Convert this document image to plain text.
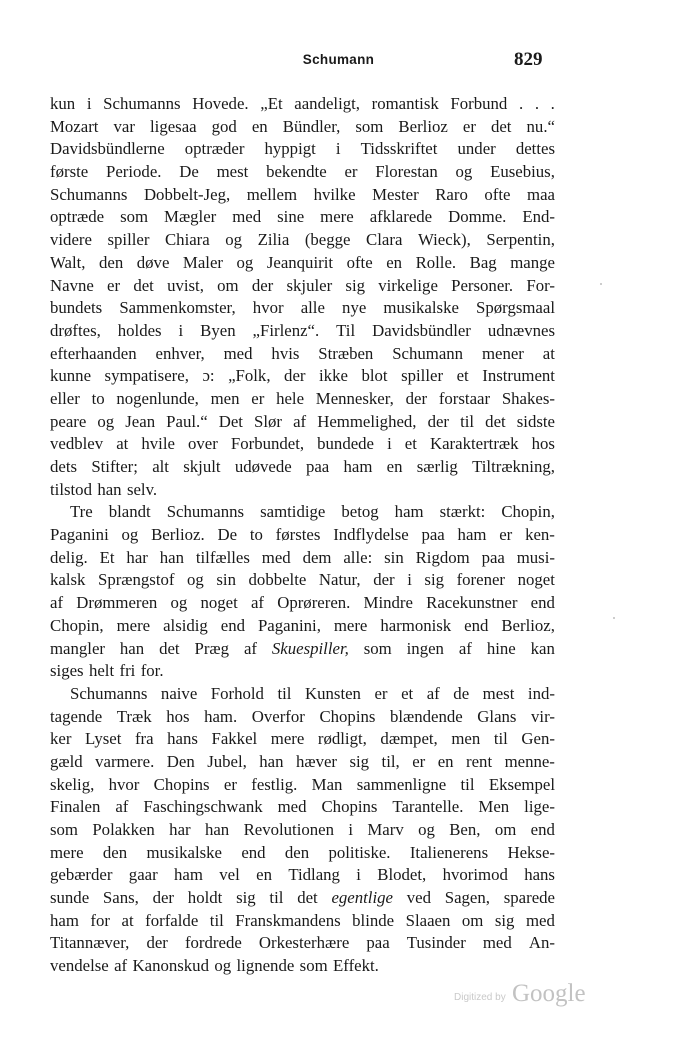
Schumann	829
kun i Schumanns Hovede. „Et aandeligt, romantisk Forbund . . .
Mozart var ligesaa god en Bündler, som Berlioz er det nu.“
Davidsbündlerne optræder hyppigt i Tidsskriftet under dettes
første Periode. De mest bekendte er Florestan og Eusebius,
Schumanns Dobbelt-Jeg, mellem hvilke Mester Raro ofte maa
optræde som Mægler med sine mere afklarede Domme. End-
videre spiller Chiara og Zilia (begge Clara Wieck), Serpentin,
Walt, den døve Maler og Jeanquirit ofte en Rolle. Bag mange
Navne er det uvist, om der skjuler sig virkelige Personer. For-
bundets Sammenkomster, hvor alle nye musikalske Spørgsmaal
drøftes, holdes i Byen „Firlenz“. Til Davidsbündler udnævnes
efterhaanden enhver, med hvis Stræben Schumann mener at
kunne sympatisere, ɔ: „Folk, der ikke blot spiller et Instrument
eller to nogenlunde, men er hele Mennesker, der forstaar Shakes-
peare og Jean Paul.“ Det Slør af Hemmelighed, der til det sidste
vedblev at hvile over Forbundet, bundede i et Karaktertræk hos
dets Stifter; alt skjult udøvede paa ham en særlig Tiltrækning,
tilstod han selv.
Tre blandt Schumanns samtidige betog ham stærkt: Chopin,
Paganini og Berlioz. De to førstes Indflydelse paa ham er ken-
delig. Et har han tilfælles med dem alle: sin Rigdom paa musi-
kalsk Sprængstof og sin dobbelte Natur, der i sig forener noget
af Drømmeren og noget af Oprøreren. Mindre Racekunstner end
Chopin, mere alsidig end Paganini, mere harmonisk end Berlioz,
mangler han det Præg af Skuespiller, som ingen af hine kan
siges helt fri for.
Schumanns naive Forhold til Kunsten er et af de mest ind-
tagende Træk hos ham. Overfor Chopins blændende Glans vir-
ker Lyset fra hans Fakkel mere rødligt, dæmpet, men til Gen-
gæld varmere. Den Jubel, han hæver sig til, er en rent menne-
skelig, hvor Chopins er festlig. Man sammenligne til Eksempel
Finalen af Faschingschwank med Chopins Tarantelle. Men lige-
som Polakken har han Revolutionen i Marv og Ben, om end
mere den musikalske end den politiske. Italienerens Hekse-
gebærder gaar ham vel en Tidlang i Blodet, hvorimod hans
sunde Sans, der holdt sig til det egentlige ved Sagen, sparede
ham for at forfalde til Franskmandens blinde Slaaen om sig med
Titannæver, der fordrede Orkesterhære paa Tusinder med An-
vendelse af Kanonskud og lignende som Effekt.
Digitized by Google
